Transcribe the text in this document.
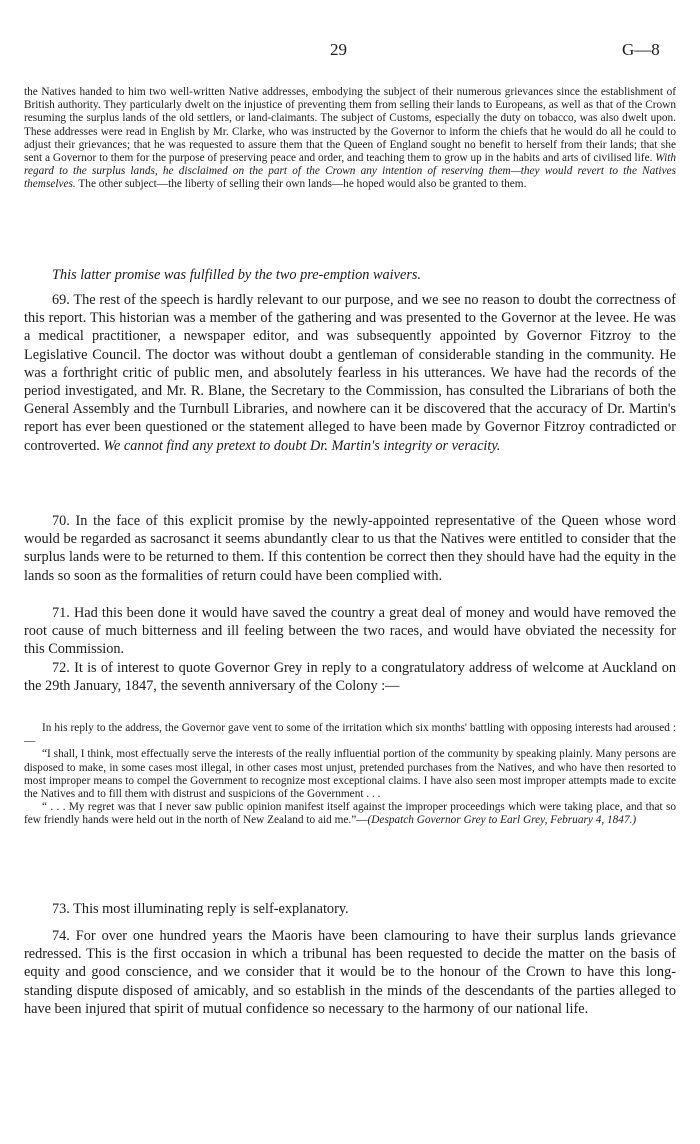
29	G—8

the Natives handed to him two well-written Native addresses, embodying the subject of their numerous grievances since the establishment of British authority. They particularly dwelt on the injustice of preventing them from selling their lands to Europeans, as well as that of the Crown resuming the surplus lands of the old settlers, or land-claimants. The subject of Customs, especially the duty on tobacco, was also dwelt upon. These addresses were read in English by Mr. Clarke, who was instructed by the Governor to inform the chiefs that he would do all he could to adjust their grievances; that he was requested to assure them that the Queen of England sought no benefit to herself from their lands; that she sent a Governor to them for the purpose of preserving peace and order, and teaching them to grow up in the habits and arts of civilised life. With regard to the surplus lands, he disclaimed on the part of the Crown any intention of reserving them—they would revert to the Natives themselves. The other subject—the liberty of selling their own lands—he hoped would also be granted to them.

This latter promise was fulfilled by the two pre-emption waivers.

69. The rest of the speech is hardly relevant to our purpose, and we see no reason to doubt the correctness of this report. This historian was a member of the gathering and was presented to the Governor at the levee. He was a medical practitioner, a newspaper editor, and was subsequently appointed by Governor Fitzroy to the Legislative Council. The doctor was without doubt a gentleman of considerable standing in the community. He was a forthright critic of public men, and absolutely fearless in his utterances. We have had the records of the period investigated, and Mr. R. Blane, the Secretary to the Commission, has consulted the Librarians of both the General Assembly and the Turnbull Libraries, and nowhere can it be discovered that the accuracy of Dr. Martin's report has ever been questioned or the statement alleged to have been made by Governor Fitzroy contradicted or controverted. We cannot find any pretext to doubt Dr. Martin's integrity or veracity.

70. In the face of this explicit promise by the newly-appointed representative of the Queen whose word would be regarded as sacrosanct it seems abundantly clear to us that the Natives were entitled to consider that the surplus lands were to be returned to them. If this contention be correct then they should have had the equity in the lands so soon as the formalities of return could have been complied with.

71. Had this been done it would have saved the country a great deal of money and would have removed the root cause of much bitterness and ill feeling between the two races, and would have obviated the necessity for this Commission.

72. It is of interest to quote Governor Grey in reply to a congratulatory address of welcome at Auckland on the 29th January, 1847, the seventh anniversary of the Colony :—

In his reply to the address, the Governor gave vent to some of the irritation which six months' battling with opposing interests had aroused :—

“I shall, I think, most effectually serve the interests of the really influential portion of the community by speaking plainly. Many persons are disposed to make, in some cases most illegal, in other cases most unjust, pretended purchases from the Natives, and who have then resorted to most improper means to compel the Government to recognize most exceptional claims. I have also seen most improper attempts made to excite the Natives and to fill them with distrust and suspicions of the Government . . .

“ . . . My regret was that I never saw public opinion manifest itself against the improper proceedings which were taking place, and that so few friendly hands were held out in the north of New Zealand to aid me.”—(Despatch Governor Grey to Earl Grey, February 4, 1847.)

73. This most illuminating reply is self-explanatory.

74. For over one hundred years the Maoris have been clamouring to have their surplus lands grievance redressed. This is the first occasion in which a tribunal has been requested to decide the matter on the basis of equity and good conscience, and we consider that it would be to the honour of the Crown to have this long-standing dispute disposed of amicably, and so establish in the minds of the descendants of the parties alleged to have been injured that spirit of mutual confidence so necessary to the harmony of our national life.
